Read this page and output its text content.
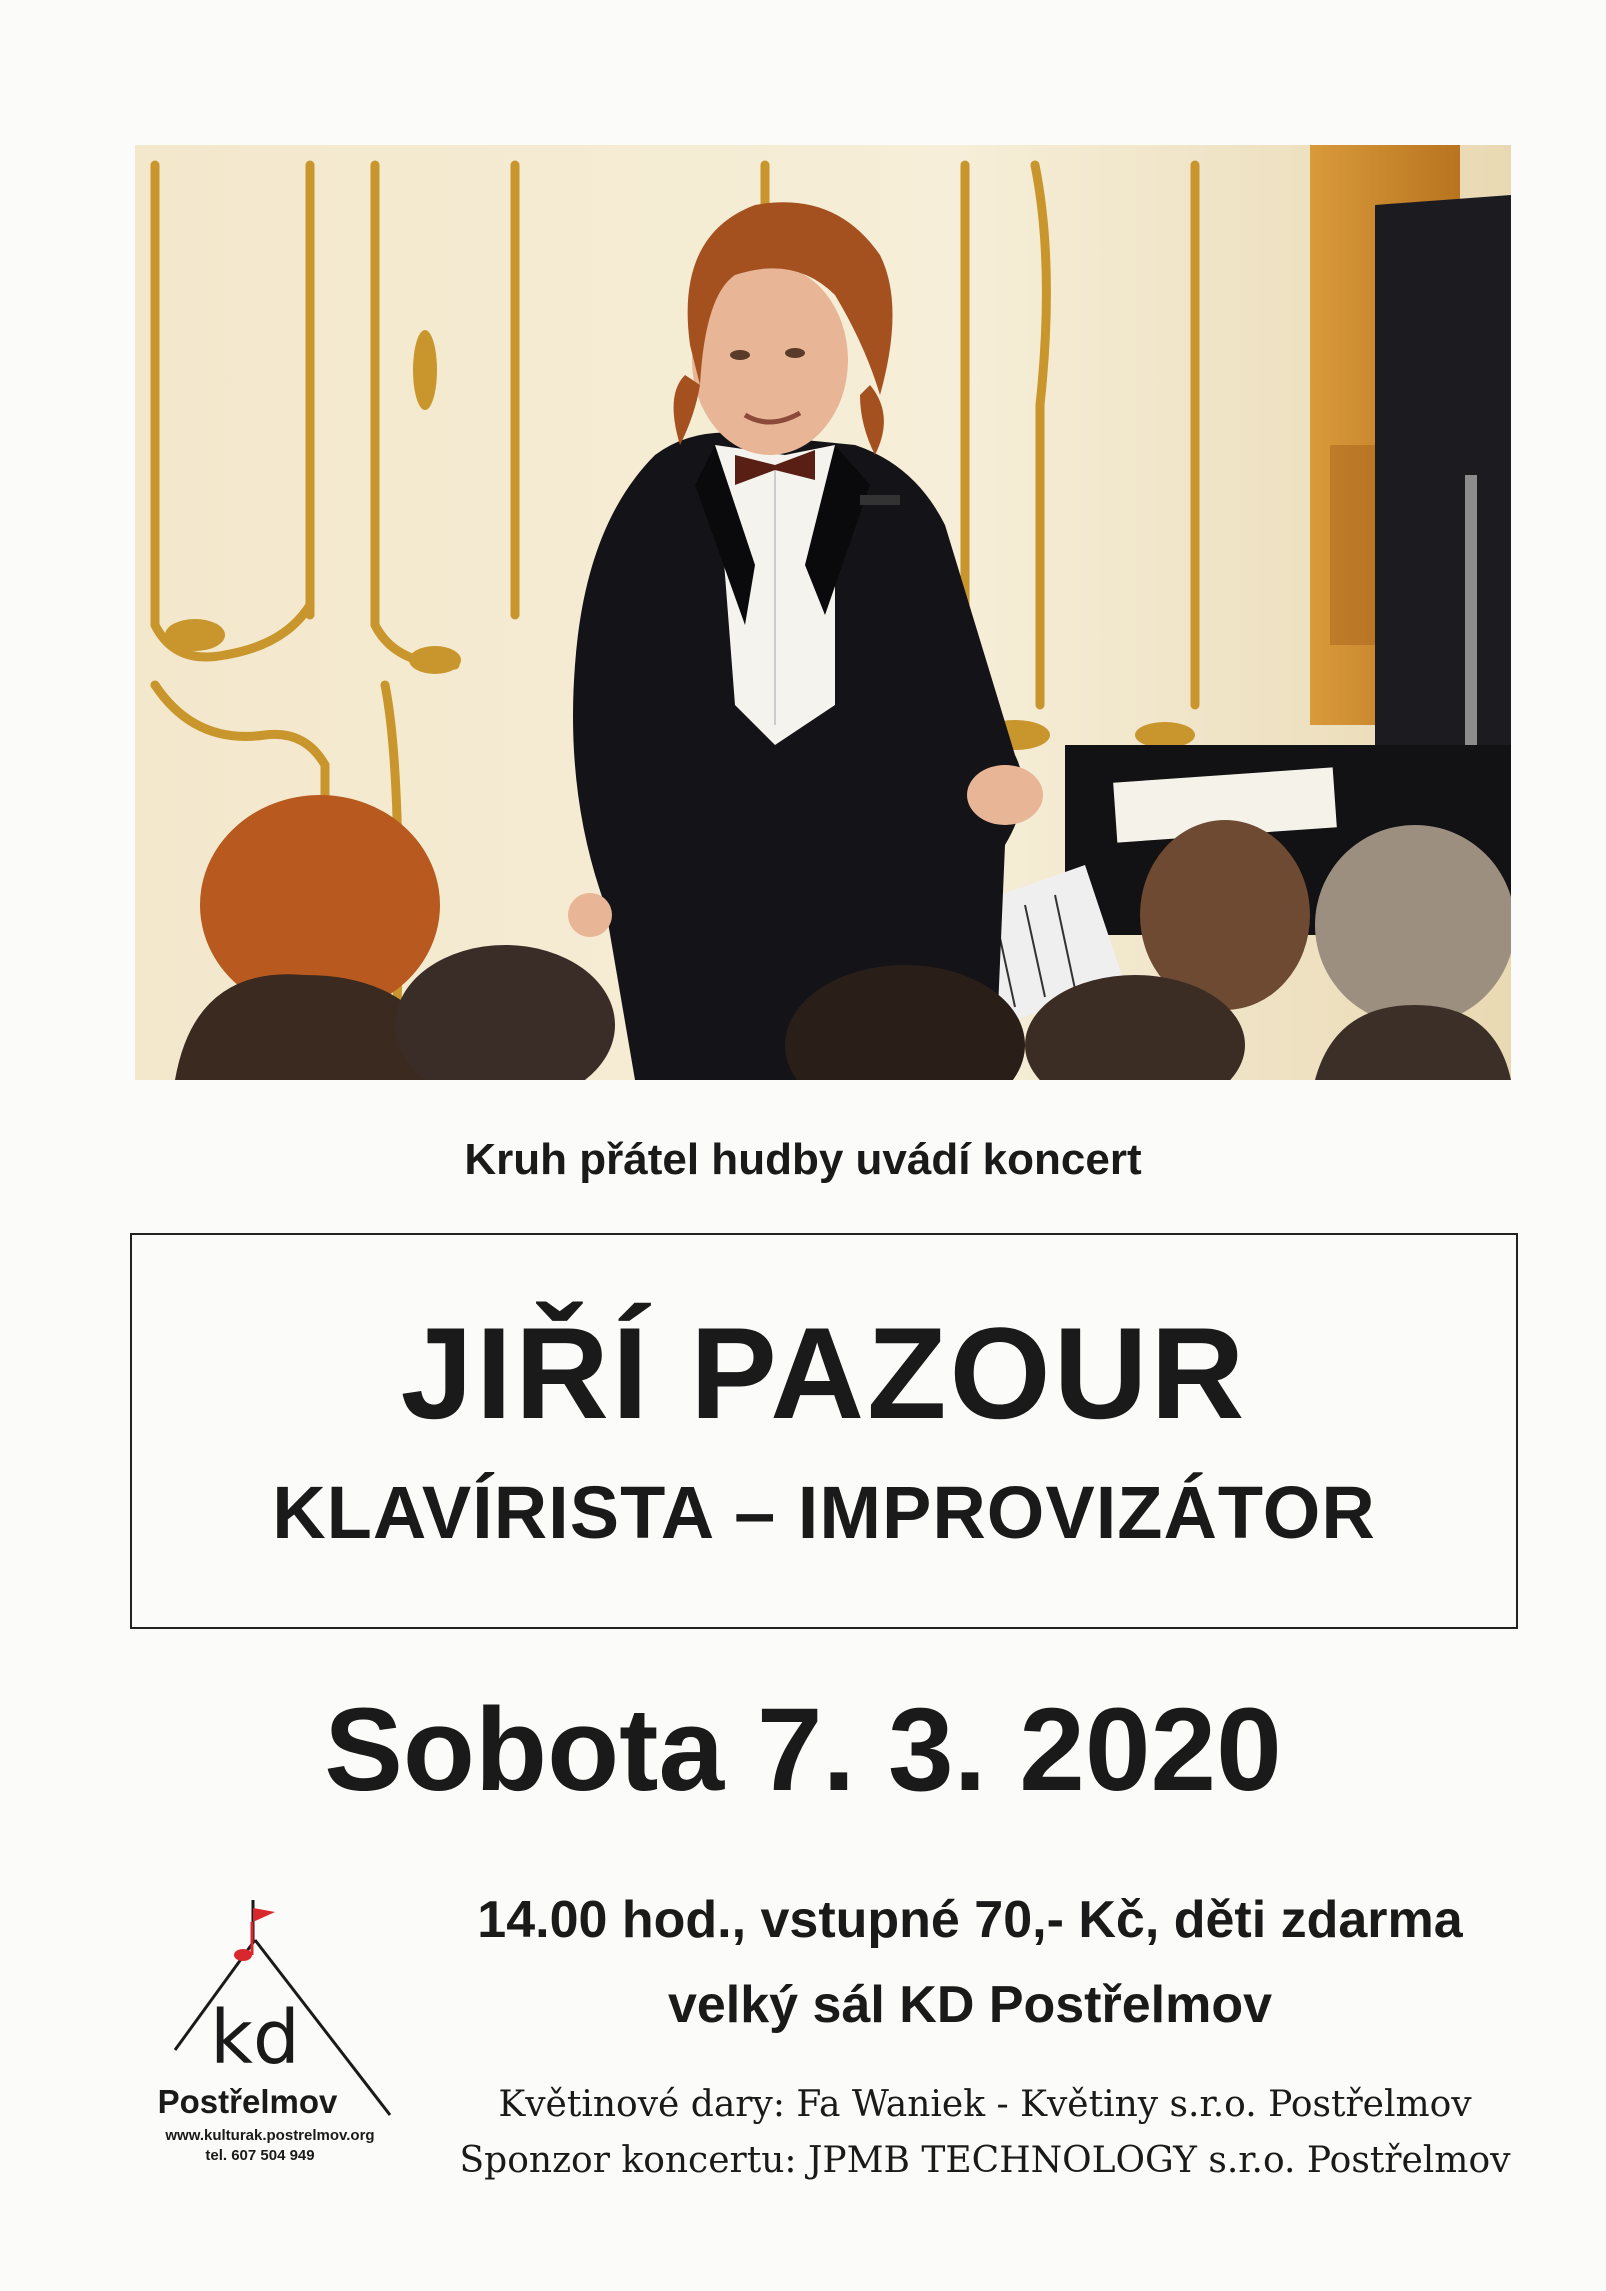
Kruh přátel hudby uvádí koncert
JIŘÍ PAZOUR
KLAVÍRISTA – IMPROVIZÁTOR
Sobota 7. 3. 2020
14.00 hod., vstupné 70,- Kč, děti zdarma
velký sál KD Postřelmov
Květinové dary: Fa Waniek - Květiny s.r.o. Postřelmov
Sponzor koncertu: JPMB TECHNOLOGY s.r.o. Postřelmov
kd
Postřelmov
www.kulturak.postrelmov.org
tel. 607 504 949
